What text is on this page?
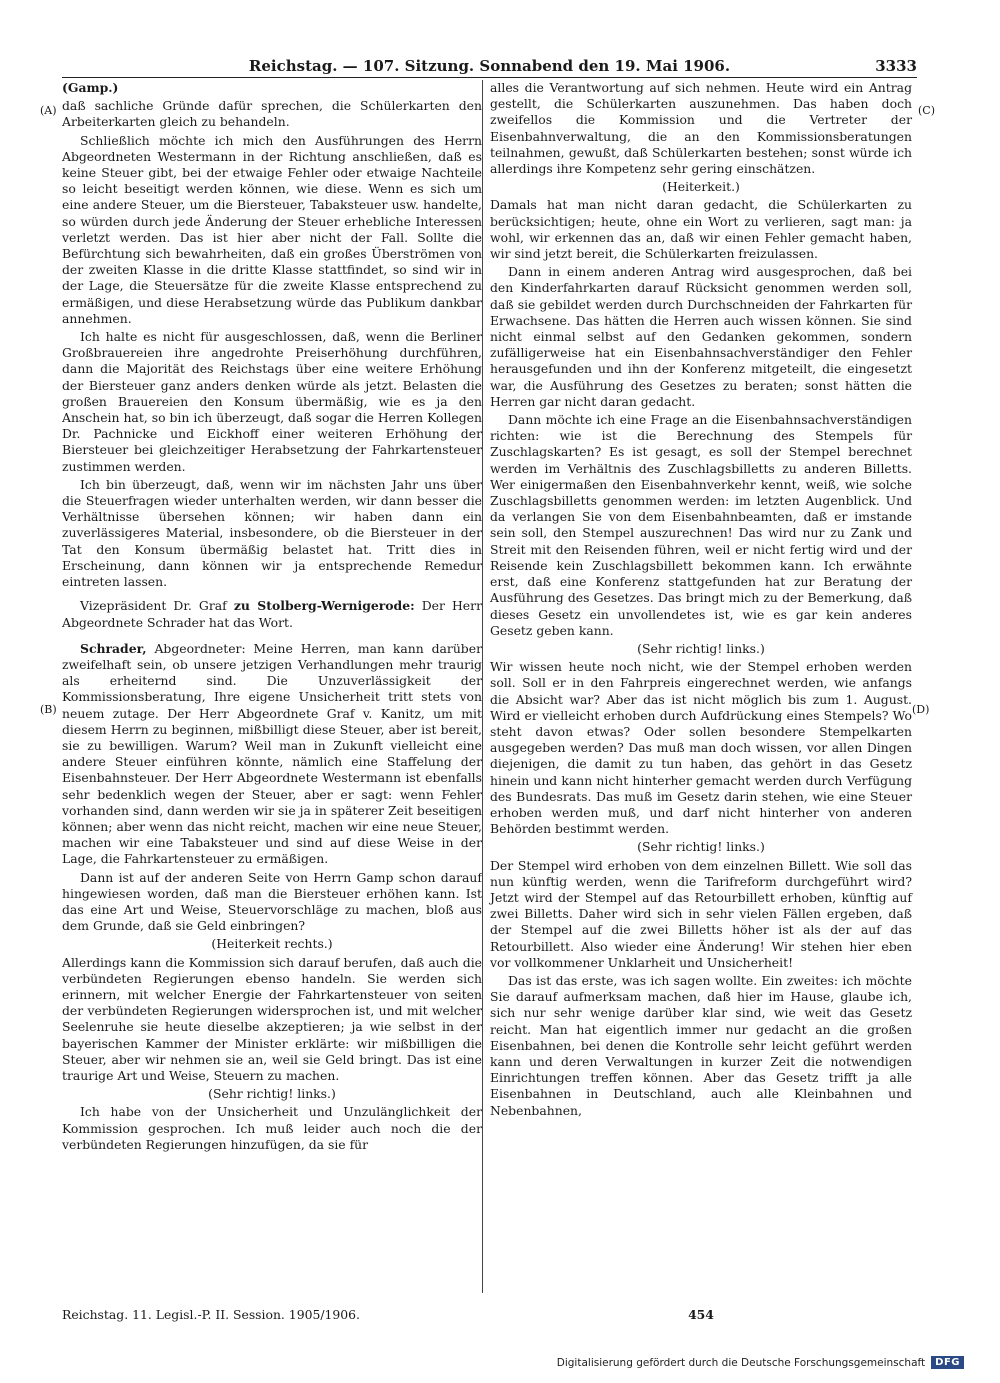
Reichstag. — 107. Sitzung. Sonnabend den 19. Mai 1906.	3333
(A)
(B)
(C)
(D)
(Gamp.)

daß sachliche Gründe dafür sprechen, die Schülerkarten den Arbeiterkarten gleich zu behandeln.

Schließlich möchte ich mich den Ausführungen des Herrn Abgeordneten Westermann in der Richtung anschließen, daß es keine Steuer gibt, bei der etwaige Fehler oder etwaige Nachteile so leicht beseitigt werden können, wie diese. Wenn es sich um eine andere Steuer, um die Biersteuer, Tabaksteuer usw. handelte, so würden durch jede Änderung der Steuer erhebliche Interessen verletzt werden. Das ist hier aber nicht der Fall. Sollte die Befürchtung sich bewahrheiten, daß ein großes Überströmen von der zweiten Klasse in die dritte Klasse stattfindet, so sind wir in der Lage, die Steuersätze für die zweite Klasse entsprechend zu ermäßigen, und diese Herabsetzung würde das Publikum dankbar annehmen.

Ich halte es nicht für ausgeschlossen, daß, wenn die Berliner Großbrauereien ihre angedrohte Preiserhöhung durchführen, dann die Majorität des Reichstags über eine weitere Erhöhung der Biersteuer ganz anders denken würde als jetzt. Belasten die großen Brauereien den Konsum übermäßig, wie es ja den Anschein hat, so bin ich überzeugt, daß sogar die Herren Kollegen Dr. Pachnicke und Eickhoff einer weiteren Erhöhung der Biersteuer bei gleichzeitiger Herabsetzung der Fahrkartensteuer zustimmen werden.

Ich bin überzeugt, daß, wenn wir im nächsten Jahr uns über die Steuerfragen wieder unterhalten werden, wir dann besser die Verhältnisse übersehen können; wir haben dann ein zuverlässigeres Material, insbesondere, ob die Biersteuer in der Tat den Konsum übermäßig belastet hat. Tritt dies in Erscheinung, dann können wir ja entsprechende Remedur eintreten lassen.

Vizepräsident Dr. Graf zu Stolberg-Wernigerode: Der Herr Abgeordnete Schrader hat das Wort.

Schrader, Abgeordneter: Meine Herren, man kann darüber zweifelhaft sein, ob unsere jetzigen Verhandlungen mehr traurig als erheiternd sind. Die Unzuverlässigkeit der Kommissionsberatung, Ihre eigene Unsicherheit tritt stets von neuem zutage. Der Herr Abgeordnete Graf v. Kanitz, um mit diesem Herrn zu beginnen, mißbilligt diese Steuer, aber ist bereit, sie zu bewilligen. Warum? Weil man in Zukunft vielleicht eine andere Steuer einführen könnte, nämlich eine Staffelung der Eisenbahnsteuer. Der Herr Abgeordnete Westermann ist ebenfalls sehr bedenklich wegen der Steuer, aber er sagt: wenn Fehler vorhanden sind, dann werden wir sie ja in späterer Zeit beseitigen können; aber wenn das nicht reicht, machen wir eine neue Steuer, machen wir eine Tabaksteuer und sind auf diese Weise in der Lage, die Fahrkartensteuer zu ermäßigen.

Dann ist auf der anderen Seite von Herrn Gamp schon darauf hingewiesen worden, daß man die Biersteuer erhöhen kann. Ist das eine Art und Weise, Steuervorschläge zu machen, bloß aus dem Grunde, daß sie Geld einbringen?

(Heiterkeit rechts.)

Allerdings kann die Kommission sich darauf berufen, daß auch die verbündeten Regierungen ebenso handeln. Sie werden sich erinnern, mit welcher Energie der Fahrkartensteuer von seiten der verbündeten Regierungen widersprochen ist, und mit welcher Seelenruhe sie heute dieselbe akzeptieren; ja wie selbst in der bayerischen Kammer der Minister erklärte: wir mißbilligen die Steuer, aber wir nehmen sie an, weil sie Geld bringt. Das ist eine traurige Art und Weise, Steuern zu machen.

(Sehr richtig! links.)

Ich habe von der Unsicherheit und Unzulänglichkeit der Kommission gesprochen. Ich muß leider auch noch die der verbündeten Regierungen hinzufügen, da sie für

alles die Verantwortung auf sich nehmen. Heute wird ein Antrag gestellt, die Schülerkarten auszunehmen. Das haben doch zweifellos die Kommission und die Vertreter der Eisenbahnverwaltung, die an den Kommissionsberatungen teilnahmen, gewußt, daß Schülerkarten bestehen; sonst würde ich allerdings ihre Kompetenz sehr gering einschätzen.

(Heiterkeit.)

Damals hat man nicht daran gedacht, die Schülerkarten zu berücksichtigen; heute, ohne ein Wort zu verlieren, sagt man: ja wohl, wir erkennen das an, daß wir einen Fehler gemacht haben, wir sind jetzt bereit, die Schülerkarten freizulassen.

Dann in einem anderen Antrag wird ausgesprochen, daß bei den Kinderfahrkarten darauf Rücksicht genommen werden soll, daß sie gebildet werden durch Durchschneiden der Fahrkarten für Erwachsene. Das hätten die Herren auch wissen können. Sie sind nicht einmal selbst auf den Gedanken gekommen, sondern zufälligerweise hat ein Eisenbahnsachverständiger den Fehler herausgefunden und ihn der Konferenz mitgeteilt, die eingesetzt war, die Ausführung des Gesetzes zu beraten; sonst hätten die Herren gar nicht daran gedacht.

Dann möchte ich eine Frage an die Eisenbahnsachverständigen richten: wie ist die Berechnung des Stempels für Zuschlagskarten? Es ist gesagt, es soll der Stempel berechnet werden im Verhältnis des Zuschlagsbilletts zu anderen Billetts. Wer einigermaßen den Eisenbahnverkehr kennt, weiß, wie solche Zuschlagsbilletts genommen werden: im letzten Augenblick. Und da verlangen Sie von dem Eisenbahnbeamten, daß er imstande sein soll, den Stempel auszurechnen! Das wird nur zu Zank und Streit mit den Reisenden führen, weil er nicht fertig wird und der Reisende kein Zuschlagsbillett bekommen kann. Ich erwähnte erst, daß eine Konferenz stattgefunden hat zur Beratung der Ausführung des Gesetzes. Das bringt mich zu der Bemerkung, daß dieses Gesetz ein unvollendetes ist, wie es gar kein anderes Gesetz geben kann.

(Sehr richtig! links.)

Wir wissen heute noch nicht, wie der Stempel erhoben werden soll. Soll er in den Fahrpreis eingerechnet werden, wie anfangs die Absicht war? Aber das ist nicht möglich bis zum 1. August. Wird er vielleicht erhoben durch Aufdrückung eines Stempels? Wo steht davon etwas? Oder sollen besondere Stempelkarten ausgegeben werden? Das muß man doch wissen, vor allen Dingen diejenigen, die damit zu tun haben, das gehört in das Gesetz hinein und kann nicht hinterher gemacht werden durch Verfügung des Bundesrats. Das muß im Gesetz darin stehen, wie eine Steuer erhoben werden muß, und darf nicht hinterher von anderen Behörden bestimmt werden.

(Sehr richtig! links.)

Der Stempel wird erhoben von dem einzelnen Billett. Wie soll das nun künftig werden, wenn die Tarifreform durchgeführt wird? Jetzt wird der Stempel auf das Retourbillett erhoben, künftig auf zwei Billetts. Daher wird sich in sehr vielen Fällen ergeben, daß der Stempel auf die zwei Billetts höher ist als der auf das Retourbillett. Also wieder eine Änderung! Wir stehen hier eben vor vollkommener Unklarheit und Unsicherheit!

Das ist das erste, was ich sagen wollte. Ein zweites: ich möchte Sie darauf aufmerksam machen, daß hier im Hause, glaube ich, sich nur sehr wenige darüber klar sind, wie weit das Gesetz reicht. Man hat eigentlich immer nur gedacht an die großen Eisenbahnen, bei denen die Kontrolle sehr leicht geführt werden kann und deren Verwaltungen in kurzer Zeit die notwendigen Einrichtungen treffen können. Aber das Gesetz trifft ja alle Eisenbahnen in Deutschland, auch alle Kleinbahnen und Nebenbahnen,

Reichstag. 11. Legisl.-P. II. Session. 1905/1906.	454
Digitalisierung gefördert durch die Deutsche Forschungsgemeinschaft	DFG
